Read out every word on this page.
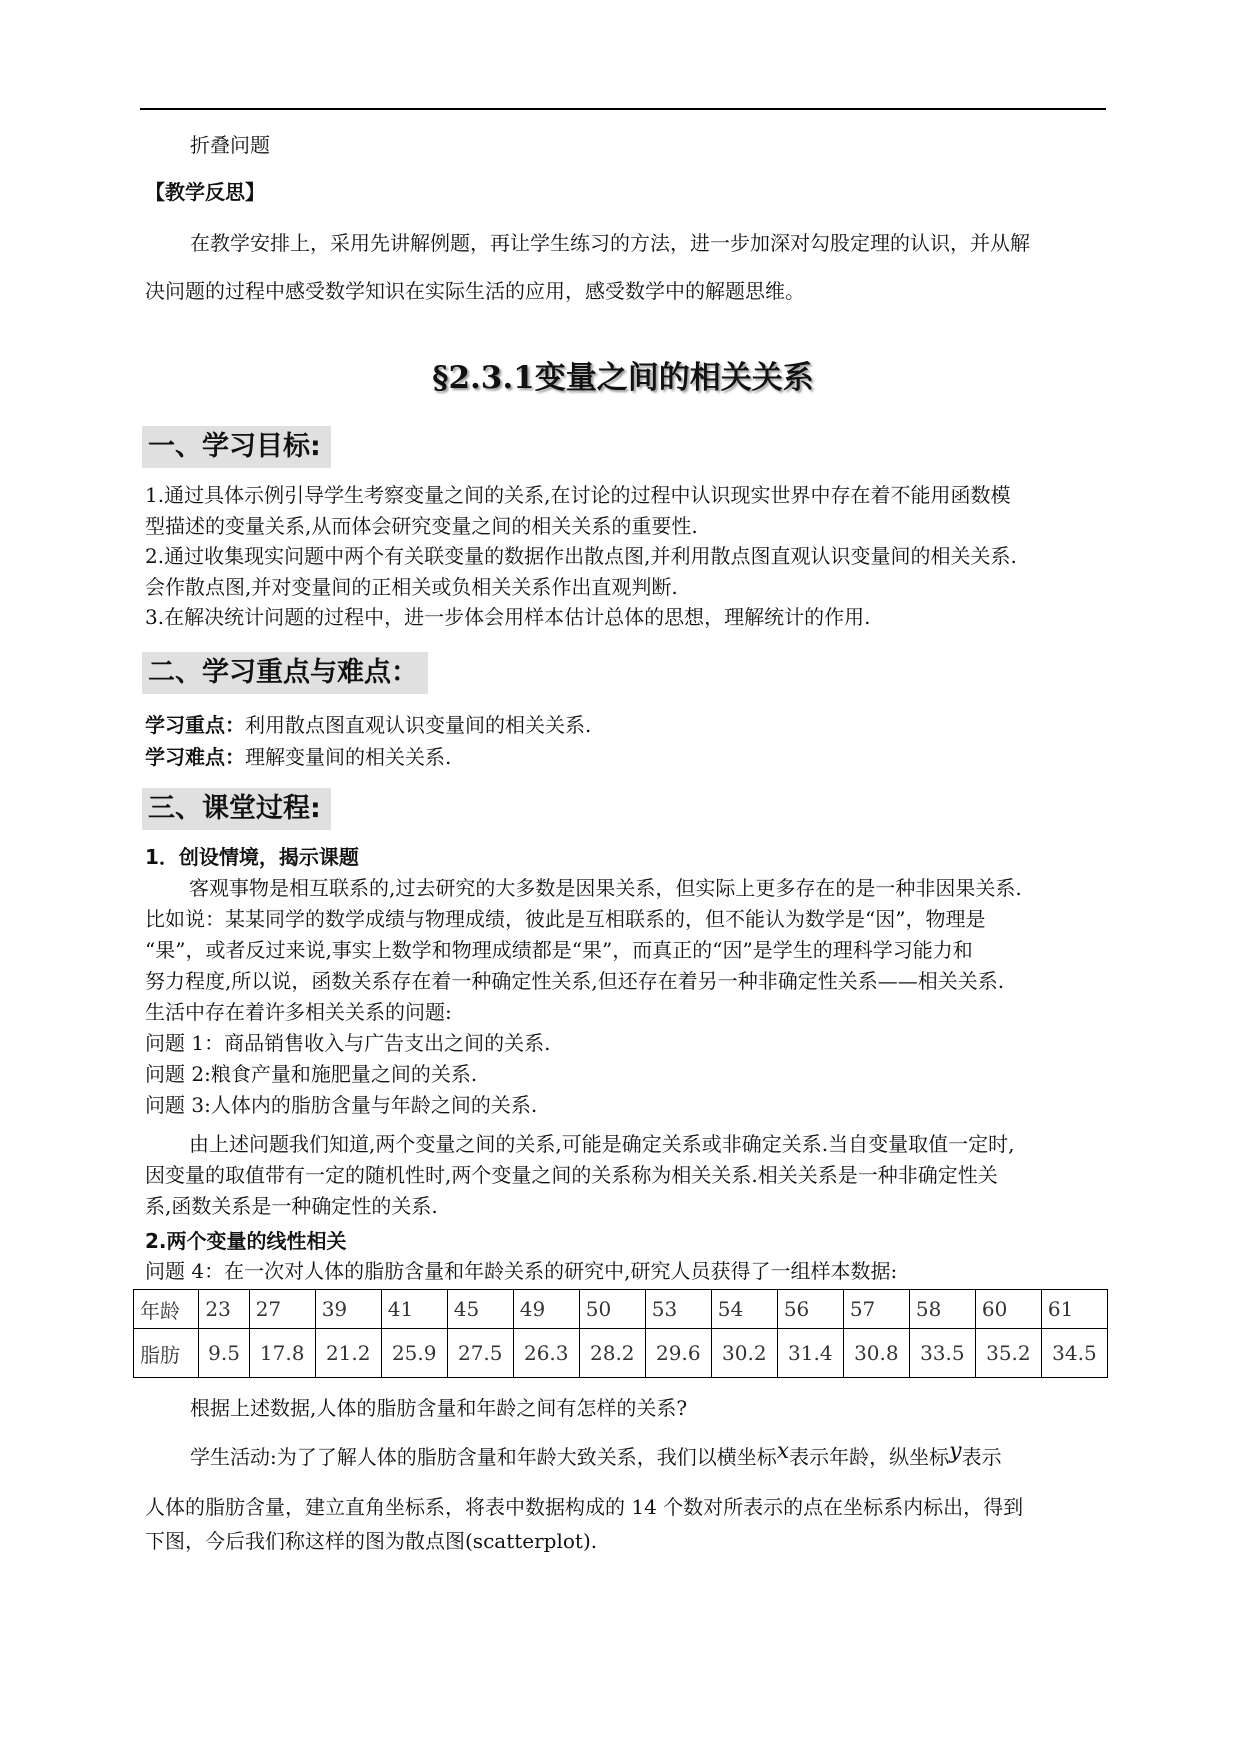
折叠问题

【教学反思】

在教学安排上，采用先讲解例题，再让学生练习的方法，进一步加深对勾股定理的认识，并从解

决问题的过程中感受数学知识在实际生活的应用，感受数学中的解题思维。

§2.3.1变量之间的相关关系
一、学习目标:
1.通过具体示例引导学生考察变量之间的关系,在讨论的过程中认识现实世界中存在着不能用函数模
型描述的变量关系,从而体会研究变量之间的相关关系的重要性.
2.通过收集现实问题中两个有关联变量的数据作出散点图,并利用散点图直观认识变量间的相关关系.
会作散点图,并对变量间的正相关或负相关关系作出直观判断.
3.在解决统计问题的过程中，进一步体会用样本估计总体的思想，理解统计的作用.
二、学习重点与难点：
学习重点：利用散点图直观认识变量间的相关关系.
学习难点：理解变量间的相关关系.
三、课堂过程:
1．创设情境，揭示课题
客观事物是相互联系的,过去研究的大多数是因果关系，但实际上更多存在的是一种非因果关系.
比如说：某某同学的数学成绩与物理成绩，彼此是互相联系的，但不能认为数学是“因”，物理是
“果”，或者反过来说,事实上数学和物理成绩都是“果”，而真正的“因”是学生的理科学习能力和
努力程度,所以说，函数关系存在着一种确定性关系,但还存在着另一种非确定性关系——相关关系.
生活中存在着许多相关关系的问题:
问题 1：商品销售收入与广告支出之间的关系.
问题 2:粮食产量和施肥量之间的关系.
问题 3:人体内的脂肪含量与年龄之间的关系.
由上述问题我们知道,两个变量之间的关系,可能是确定关系或非确定关系.当自变量取值一定时,
因变量的取值带有一定的随机性时,两个变量之间的关系称为相关关系.相关关系是一种非确定性关
系,函数关系是一种确定性的关系.
2.两个变量的线性相关
问题 4：在一次对人体的脂肪含量和年龄关系的研究中,研究人员获得了一组样本数据:
年龄	23	27	39	41	45	49	50	53	54	56	57	58	60	61
脂肪	9.5	17.8	21.2	25.9	27.5	26.3	28.2	29.6	30.2	31.4	30.8	33.5	35.2	34.5
根据上述数据,人体的脂肪含量和年龄之间有怎样的关系?
学生活动:为了了解人体的脂肪含量和年龄大致关系，我们以横坐标x表示年龄，纵坐标y表示
人体的脂肪含量，建立直角坐标系，将表中数据构成的 14 个数对所表示的点在坐标系内标出，得到
下图，今后我们称这样的图为散点图(scatterplot).
